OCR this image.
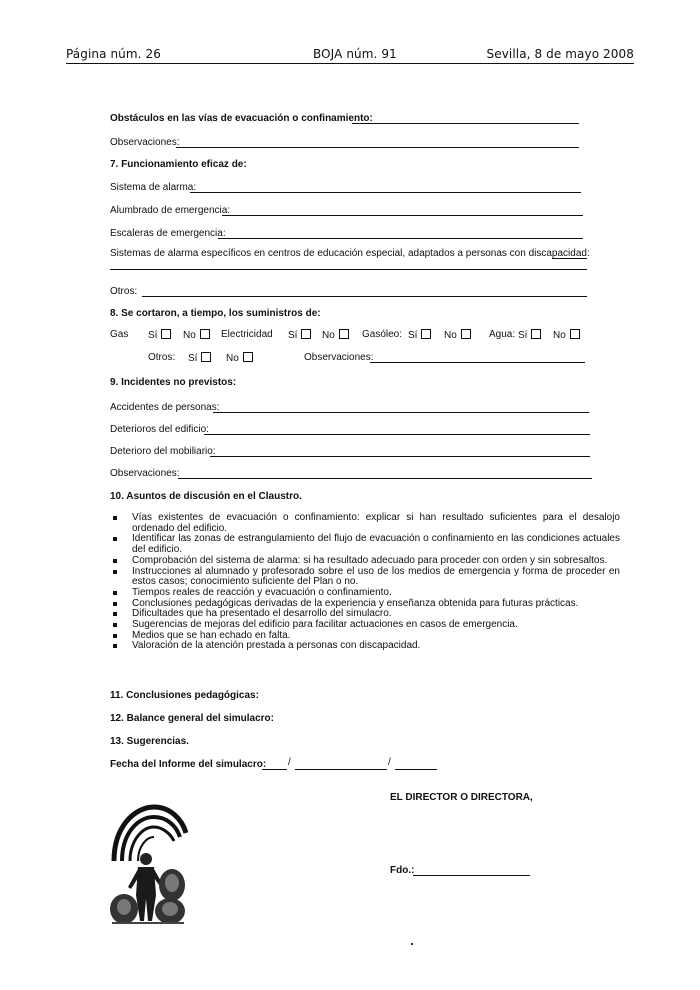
Página núm. 26	BOJA núm. 91	Sevilla, 8 de mayo 2008
Obstáculos en las vías de evacuación o confinamiento:
Observaciones:
7. Funcionamiento eficaz de:
Sistema de alarma:
Alumbrado de emergencia:
Escaleras de emergencia:
Sistemas de alarma específicos en centros de educación especial, adaptados a personas con discapacidad:
Otros:
8. Se cortaron, a tiempo, los suministros de:
Gas Sí	No	Electricidad Sí	No	Gasóleo: Sí	No	Agua: Sí	No
Otros: Sí	No	Observaciones:
9. Incidentes no previstos:
Accidentes de personas:
Deterioros del edificio:
Deterioro del mobiliario:
Observaciones:
10. Asuntos de discusión en el Claustro.
Vías existentes de evacuación o confinamiento: explicar si han resultado suficientes para el desalojo ordenado del edificio.
Identificar las zonas de estrangulamiento del flujo de evacuación o confinamiento en las condiciones actuales del edificio.
Comprobación del sistema de alarma: si ha resultado adecuado para proceder con orden y sin sobresaltos.
Instrucciones al alumnado y profesorado sobre el uso de los medios de emergencia y forma de proceder en estos casos; conocimiento suficiente del Plan o no.
Tiempos reales de reacción y evacuación o confinamiento.
Conclusiones pedagógicas derivadas de la experiencia y enseñanza obtenida para futuras prácticas.
Dificultades que ha presentado el desarrollo del simulacro.
Sugerencias de mejoras del edificio para facilitar actuaciones en casos de emergencia.
Medios que se han echado en falta.
Valoración de la atención prestada a personas con discapacidad.
11. Conclusiones pedagógicas:
12. Balance general del simulacro:
13. Sugerencias.
Fecha del Informe del simulacro: /	/
EL DIRECTOR O DIRECTORA,
Fdo.:
